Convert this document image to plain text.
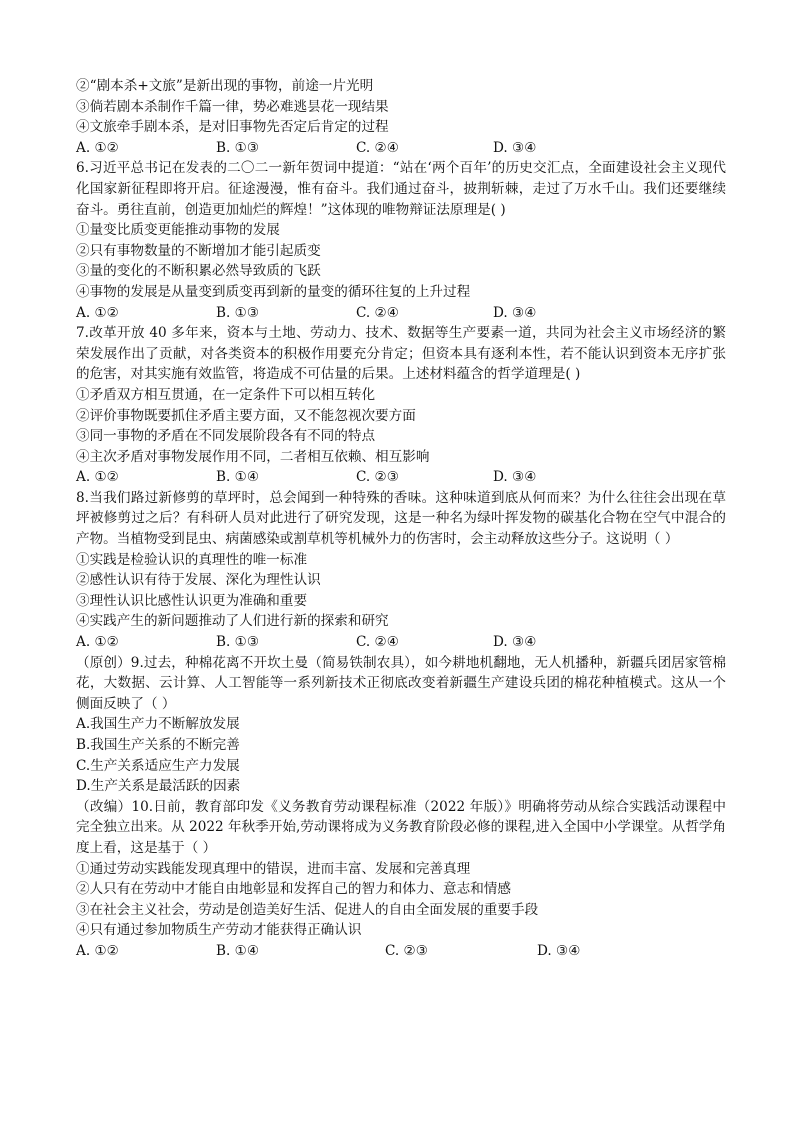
②“剧本杀+文旅”是新出现的事物，前途一片光明
③倘若剧本杀制作千篇一律，势必难逃昙花一现结果
④文旅牵手剧本杀，是对旧事物先否定后肯定的过程
A. ①②	B. ①③	C. ②④	D. ③④
6.习近平总书记在发表的二〇二一新年贺词中提道：“站在‘两个百年’的历史交汇点，全面建设社会主义现代化国家新征程即将开启。征途漫漫，惟有奋斗。我们通过奋斗，披荆斩棘，走过了万水千山。我们还要继续奋斗。勇往直前，创造更加灿烂的辉煌！”这体现的唯物辩证法原理是( )
①量变比质变更能推动事物的发展
②只有事物数量的不断增加才能引起质变
③量的变化的不断积累必然导致质的飞跃
④事物的发展是从量变到质变再到新的量变的循环往复的上升过程
A. ①②	B. ①③	C. ②④	D. ③④
7.改革开放 40 多年来，资本与土地、劳动力、技术、数据等生产要素一道，共同为社会主义市场经济的繁荣发展作出了贡献，对各类资本的积极作用要充分肯定；但资本具有逐利本性，若不能认识到资本无序扩张的危害，对其实施有效监管，将造成不可估量的后果。上述材料蕴含的哲学道理是( )
①矛盾双方相互贯通，在一定条件下可以相互转化
②评价事物既要抓住矛盾主要方面，又不能忽视次要方面
③同一事物的矛盾在不同发展阶段各有不同的特点
④主次矛盾对事物发展作用不同，二者相互依赖、相互影响
A. ①②	B. ①④	C. ②③	D. ③④
8.当我们路过新修剪的草坪时，总会闻到一种特殊的香味。这种味道到底从何而来？为什么往往会出现在草坪被修剪过之后？有科研人员对此进行了研究发现，这是一种名为绿叶挥发物的碳基化合物在空气中混合的产物。当植物受到昆虫、病菌感染或割草机等机械外力的伤害时，会主动释放这些分子。这说明（ ）
①实践是检验认识的真理性的唯一标准
②感性认识有待于发展、深化为理性认识
③理性认识比感性认识更为准确和重要
④实践产生的新问题推动了人们进行新的探索和研究
A. ①②	B. ①③	C. ②④	D. ③④
（原创）9.过去，种棉花离不开坎土曼（简易铁制农具），如今耕地机翻地，无人机播种，新疆兵团居家管棉花，大数据、云计算、人工智能等一系列新技术正彻底改变着新疆生产建设兵团的棉花种植模式。这从一个侧面反映了（ ）
A.我国生产力不断解放发展
B.我国生产关系的不断完善
C.生产关系适应生产力发展
D.生产关系是最活跃的因素
（改编）10.日前，教育部印发《义务教育劳动课程标准（2022 年版）》明确将劳动从综合实践活动课程中完全独立出来。从 2022 年秋季开始,劳动课将成为义务教育阶段必修的课程,进入全国中小学课堂。从哲学角度上看，这是基于（ ）
①通过劳动实践能发现真理中的错误，进而丰富、发展和完善真理
②人只有在劳动中才能自由地彰显和发挥自己的智力和体力、意志和情感
③在社会主义社会，劳动是创造美好生活、促进人的自由全面发展的重要手段
④只有通过参加物质生产劳动才能获得正确认识
A. ①②	B. ①④	C. ②③	D. ③④
